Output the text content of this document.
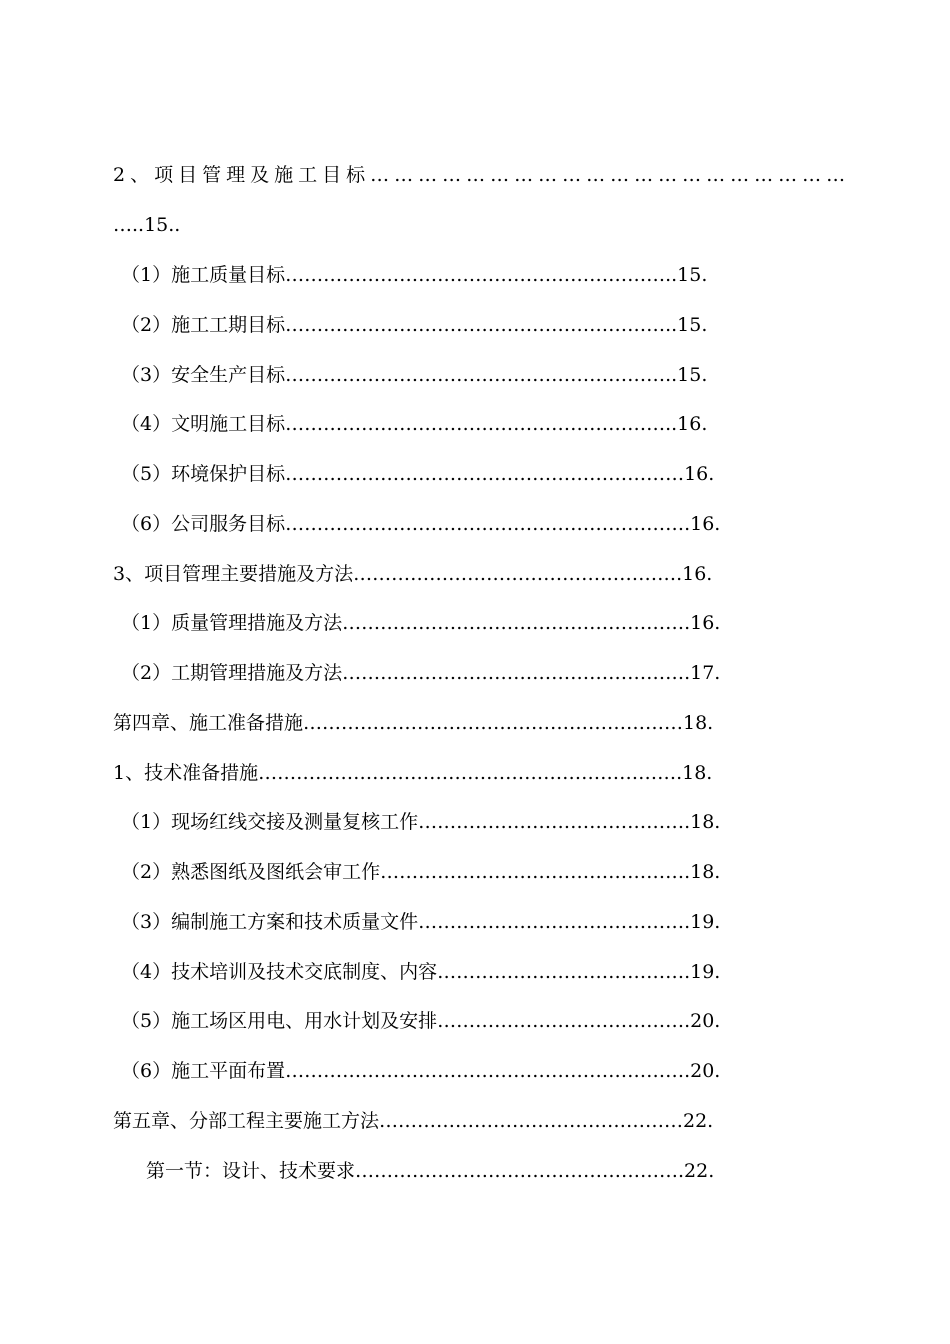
2、项目管理及施工目标……………………………………………………
…..15..
（1）施工质量目标……………………………………………………..15.
（2）施工工期目标……………………………………………………..15.
（3）安全生产目标……………………………………………………..15.
（4）文明施工目标……………………………………………………..16.
（5）环境保护目标………………………………………………………16.
（6）公司服务目标……………………………………………………….16.
3、项目管理主要措施及方法…………………………………………….16.
（1）质量管理措施及方法……………………………………………….16.
（2）工期管理措施及方法……………………………………………….17.
第四章、施工准备措施……………………………………………………18.
1、技术准备措施………………………………………………………….18.
（1）现场红线交接及测量复核工作…………………………………….18.
（2）熟悉图纸及图纸会审工作………………………………………….18.
（3）编制施工方案和技术质量文件…………………………………….19.
（4）技术培训及技术交底制度、内容………………………………….19.
（5）施工场区用电、用水计划及安排………………………………….20.
（6）施工平面布置……………………………………………………….20.
第五章、分部工程主要施工方法…………………………………………22.
第一节：设计、技术要求…………………………………………….22.
